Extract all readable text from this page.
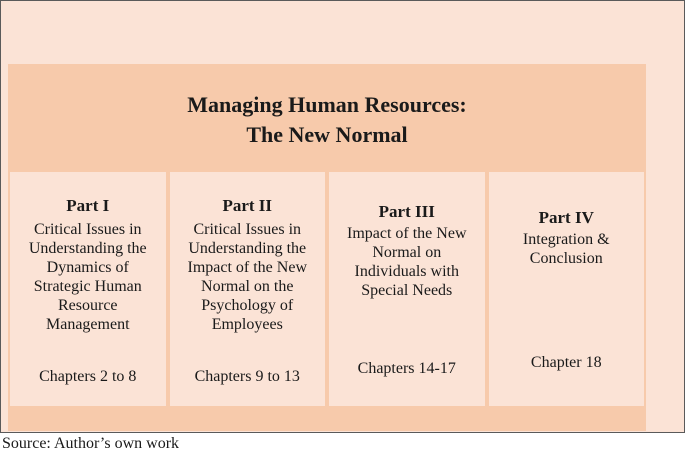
Managing Human Resources:
The New Normal
Part I
Critical Issues in Understanding the Dynamics of Strategic Human Resource Management
Chapters 2 to 8
Part II
Critical Issues in Understanding the Impact of the New Normal on the Psychology of Employees
Chapters 9 to 13
Part III
Impact of the New Normal on Individuals with Special Needs
Chapters 14-17
Part IV
Integration & Conclusion
Chapter 18
Source: Author’s own work
